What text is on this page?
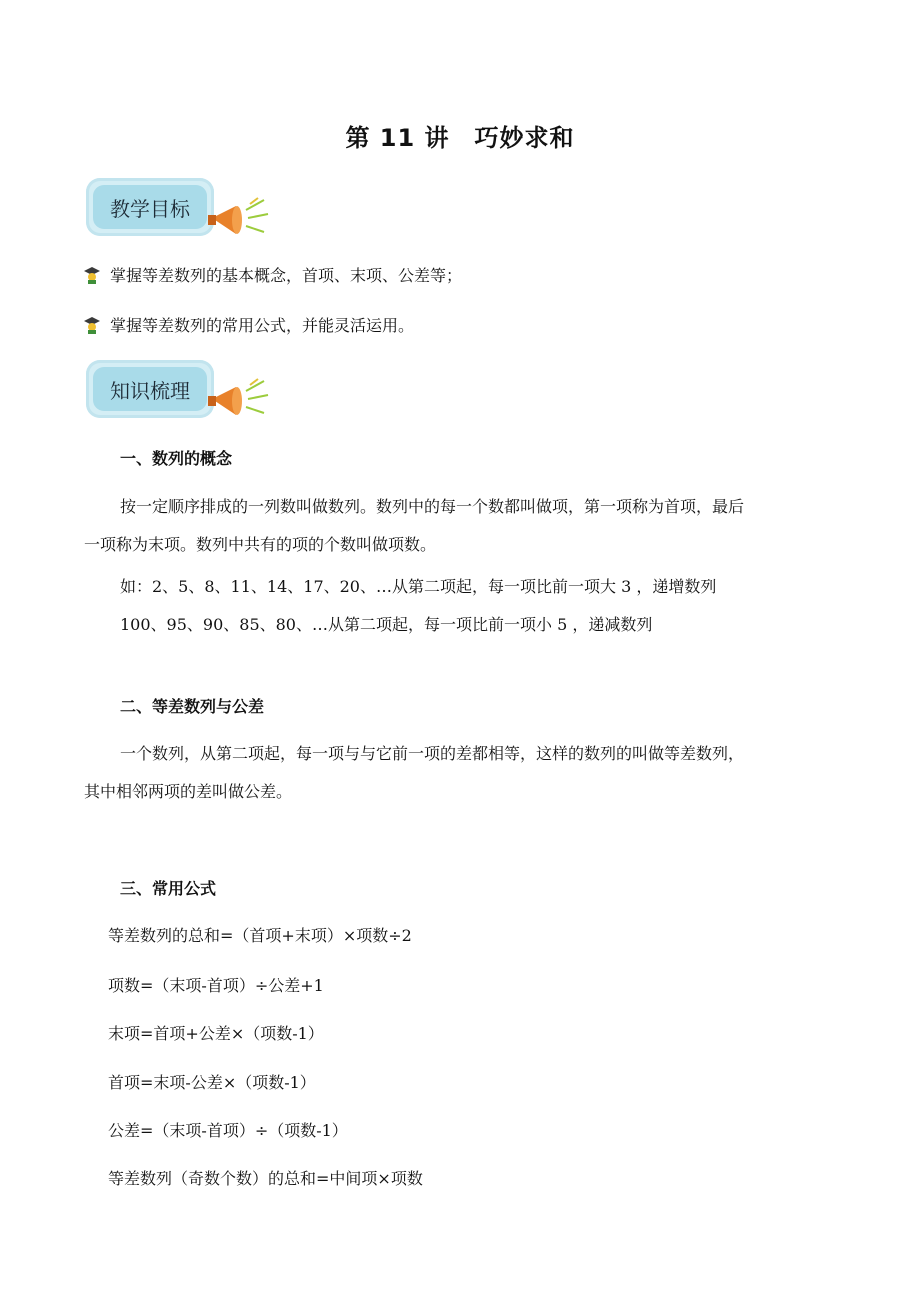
第 11 讲　巧妙求和
教学目标
掌握等差数列的基本概念，首项、末项、公差等；
掌握等差数列的常用公式，并能灵活运用。
知识梳理
一、数列的概念
按一定顺序排成的一列数叫做数列。数列中的每一个数都叫做项，第一项称为首项，最后
一项称为末项。数列中共有的项的个数叫做项数。
如：2、5、8、11、14、17、20、…从第二项起，每一项比前一项大 3 ，递增数列
100、95、90、85、80、…从第二项起，每一项比前一项小 5 ，递减数列
二、等差数列与公差
一个数列，从第二项起，每一项与与它前一项的差都相等，这样的数列的叫做等差数列，
其中相邻两项的差叫做公差。
三、常用公式
等差数列的总和=（首项+末项）×项数÷2
项数=（末项-首项）÷公差+1
末项=首项+公差×（项数-1）
首项=末项-公差×（项数-1）
公差=（末项-首项）÷（项数-1）
等差数列（奇数个数）的总和=中间项×项数
